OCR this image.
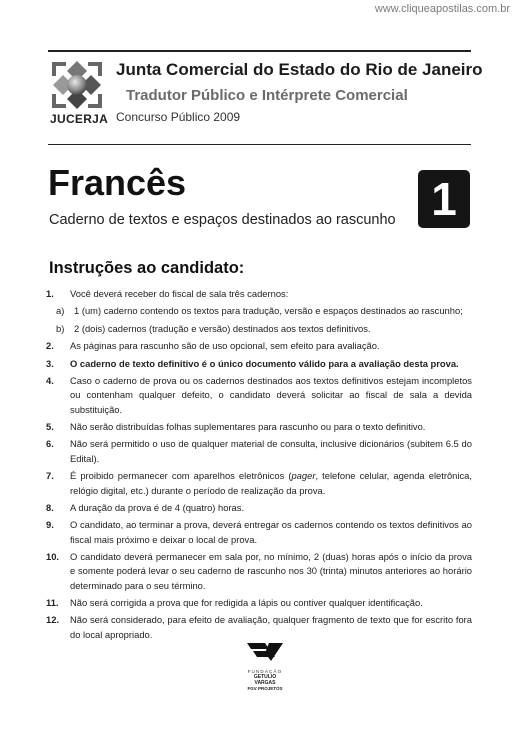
www.cliqueapostilas.com.br
JUCERJA
Junta Comercial do Estado do Rio de Janeiro
Tradutor Público e Intérprete Comercial
Concurso Público 2009
Francês
Caderno de textos e espaços destinados ao rascunho 1
Instruções ao candidato:
1.	Você deverá receber do fiscal de sala três cadernos:
a)	1 (um) caderno contendo os textos para tradução, versão e espaços destinados ao rascunho;
b)	2 (dois) cadernos (tradução e versão) destinados aos textos definitivos.
2.	As páginas para rascunho são de uso opcional, sem efeito para avaliação.
3.	O caderno de texto definitivo é o único documento válido para a avaliação desta prova.
4.	Caso o caderno de prova ou os cadernos destinados aos textos definitivos estejam incompletos ou contenham qualquer defeito, o candidato deverá solicitar ao fiscal de sala a devida substituição.
5.	Não serão distribuídas folhas suplementares para rascunho ou para o texto definitivo.
6.	Não será permitido o uso de qualquer material de consulta, inclusive dicionários (subitem 6.5 do Edital).
7.	É proibido permanecer com aparelhos eletrônicos (pager, telefone celular, agenda eletrônica, relógio digital, etc.) durante o período de realização da prova.
8.	A duração da prova é de 4 (quatro) horas.
9.	O candidato, ao terminar a prova, deverá entregar os cadernos contendo os textos definitivos ao fiscal mais próximo e deixar o local de prova.
10.	O candidato deverá permanecer em sala por, no mínimo, 2 (duas) horas após o início da prova e somente poderá levar o seu caderno de rascunho nos 30 (trinta) minutos anteriores ao horário determinado para o seu término.
11.	Não será corrigida a prova que for redigida a lápis ou contiver qualquer identificação.
12.	Não será considerado, para efeito de avaliação, qualquer fragmento de texto que for escrito fora do local apropriado.
FUNDAÇÃO
GETULIO VARGAS
FGV PROJETOS
